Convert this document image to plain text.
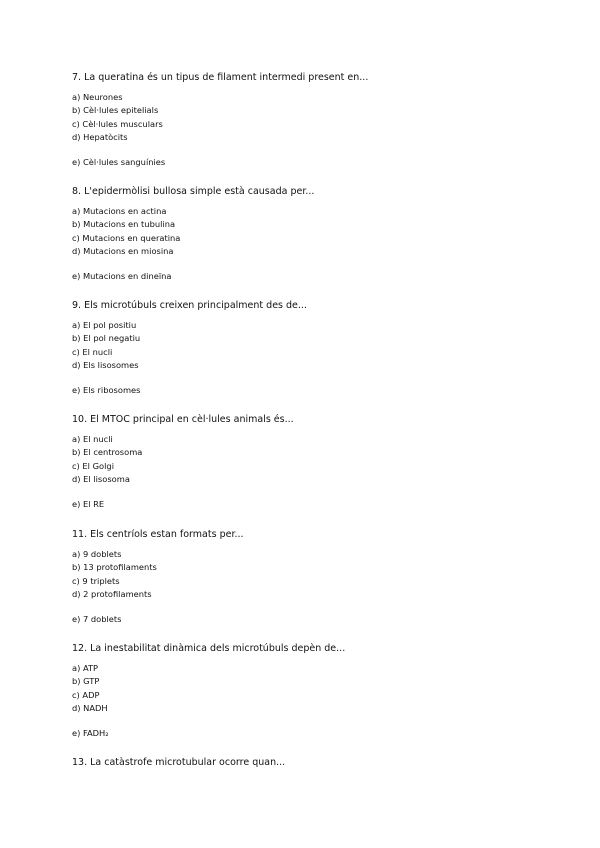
7. La queratina és un tipus de filament intermedi present en...

a) Neurones

b) Cèl·lules epitelials

c) Cèl·lules musculars

d) Hepatòcits

e) Cèl·lules sanguínies

8. L'epidermòlisi bullosa simple està causada per...

a) Mutacions en actina

b) Mutacions en tubulina

c) Mutacions en queratina

d) Mutacions en miosina

e) Mutacions en dineïna

9. Els microtúbuls creixen principalment des de...

a) El pol positiu

b) El pol negatiu

c) El nucli

d) Els lisosomes

e) Els ribosomes

10. El MTOC principal en cèl·lules animals és...

a) El nucli

b) El centrosoma

c) El Golgi

d) El lisosoma

e) El RE

11. Els centríols estan formats per...

a) 9 doblets

b) 13 protofilaments

c) 9 triplets

d) 2 protofilaments

e) 7 doblets

12. La inestabilitat dinàmica dels microtúbuls depèn de...

a) ATP

b) GTP

c) ADP

d) NADH

e) FADH₂

13. La catàstrofe microtubular ocorre quan...
